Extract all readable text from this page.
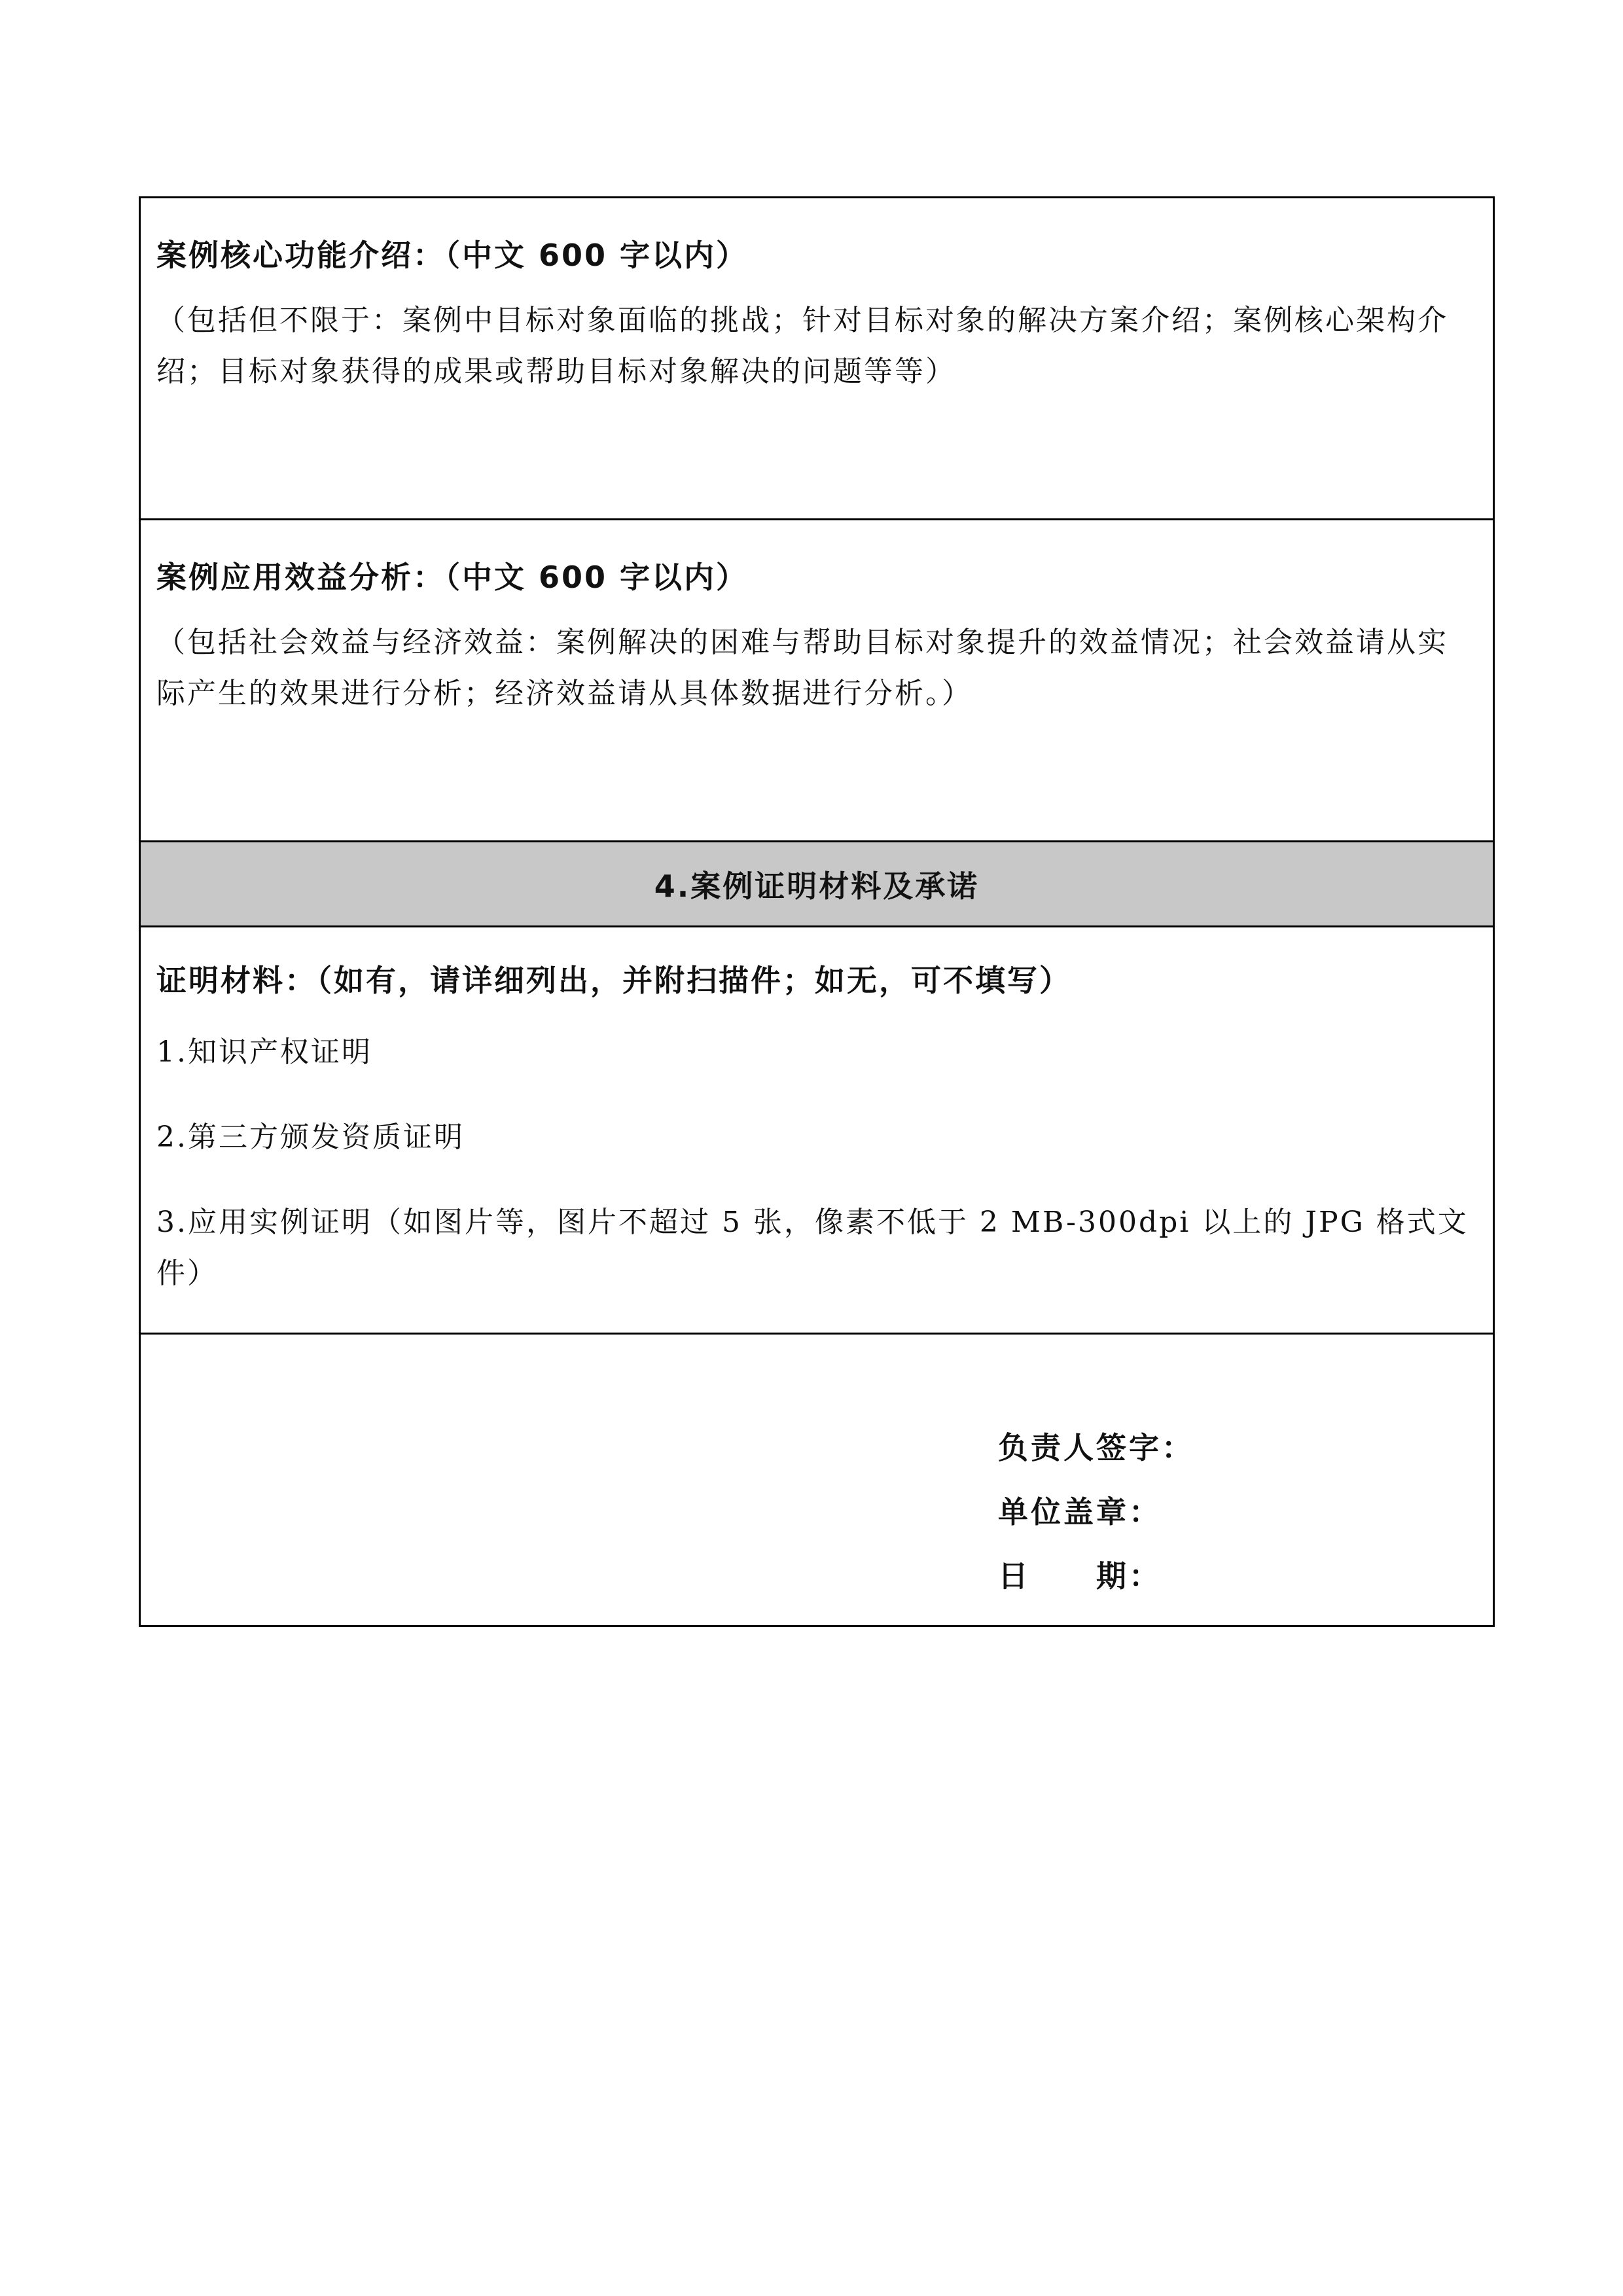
案例核心功能介绍：（中文 600 字以内）

（包括但不限于：案例中目标对象面临的挑战；针对目标对象的解决方案介绍；案例核心架构介绍；目标对象获得的成果或帮助目标对象解决的问题等等）

案例应用效益分析：（中文 600 字以内）

（包括社会效益与经济效益：案例解决的困难与帮助目标对象提升的效益情况；社会效益请从实际产生的效果进行分析；经济效益请从具体数据进行分析。）

4.案例证明材料及承诺

证明材料：（如有，请详细列出，并附扫描件；如无，可不填写）

1.知识产权证明
2.第三方颁发资质证明
3.应用实例证明（如图片等，图片不超过 5 张，像素不低于 2 MB-300dpi 以上的 JPG 格式文件）
负责人签字：
单位盖章：
日　　期：
